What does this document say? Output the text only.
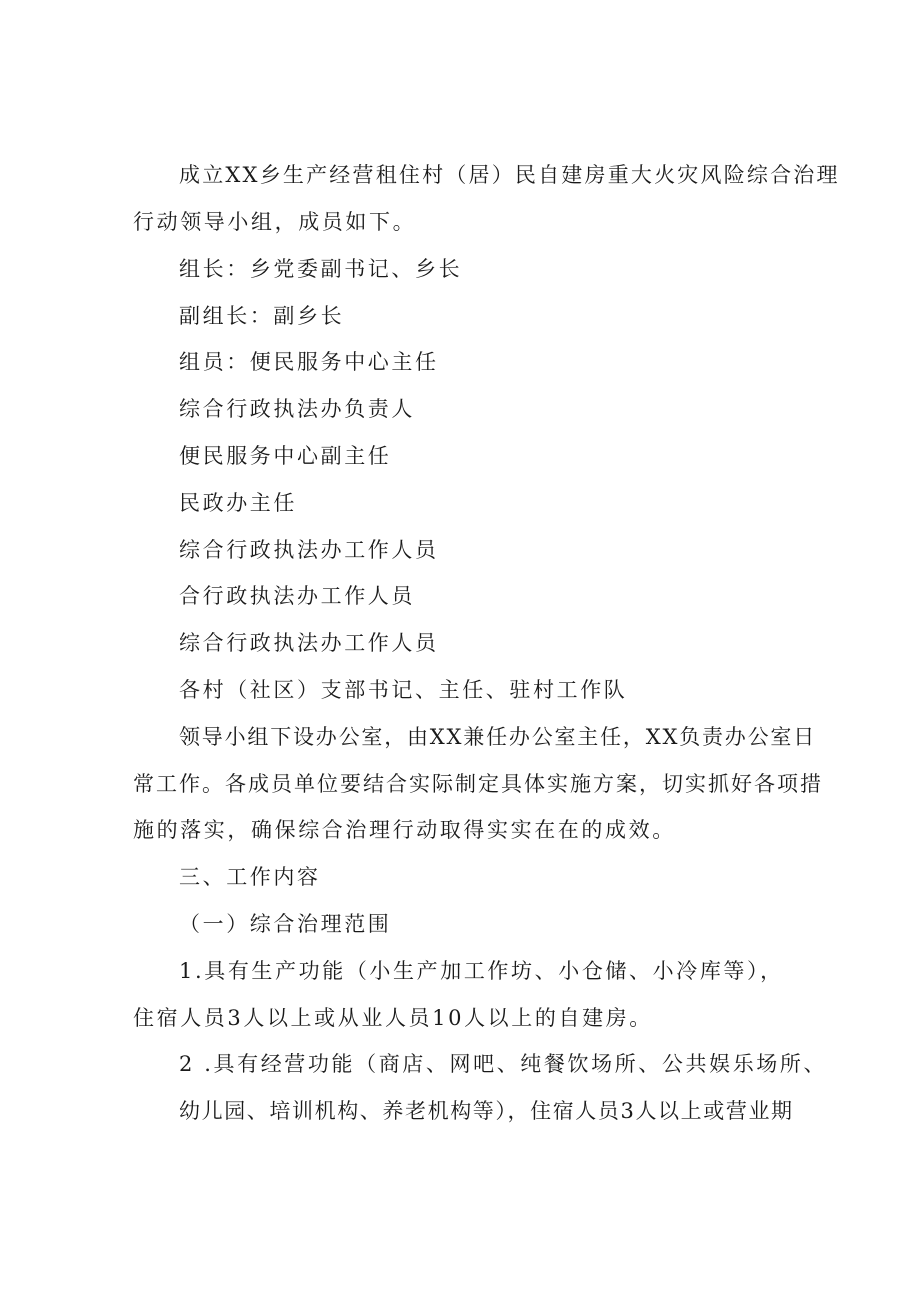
成立XX乡生产经营租住村（居）民自建房重大火灾风险综合治理
行动领导小组，成员如下。
组长：乡党委副书记、乡长
副组长：副乡长
组员：便民服务中心主任
综合行政执法办负责人
便民服务中心副主任
民政办主任
综合行政执法办工作人员
合行政执法办工作人员
综合行政执法办工作人员
各村（社区）支部书记、主任、驻村工作队
领导小组下设办公室，由XX兼任办公室主任，XX负责办公室日
常工作。各成员单位要结合实际制定具体实施方案，切实抓好各项措
施的落实，确保综合治理行动取得实实在在的成效。
三、工作内容
（一）综合治理范围
1.具有生产功能（小生产加工作坊、小仓储、小冷库等），
住宿人员3人以上或从业人员10人以上的自建房。
2 .具有经营功能（商店、网吧、纯餐饮场所、公共娱乐场所、
幼儿园、培训机构、养老机构等），住宿人员3人以上或营业期
